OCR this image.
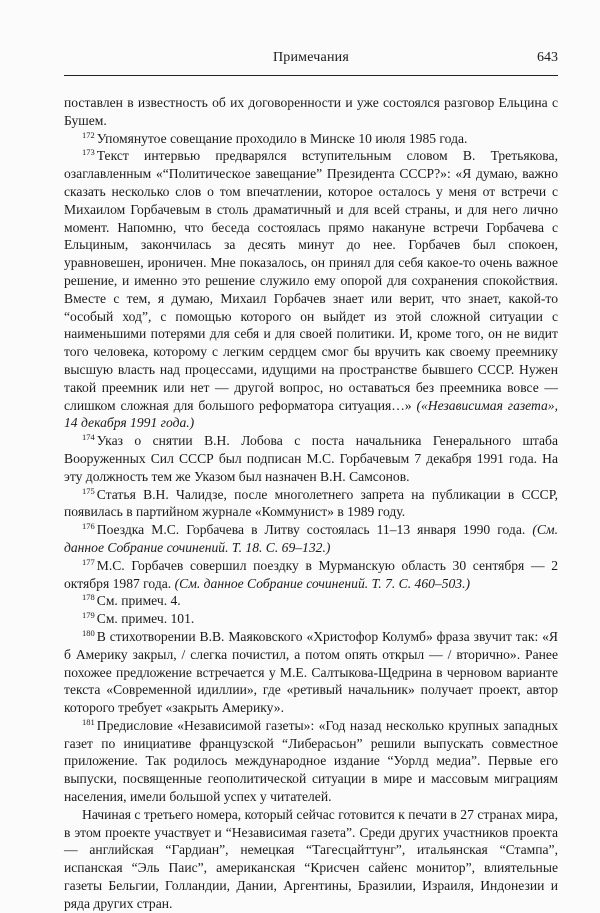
Примечания	643

поставлен в известность об их договоренности и уже состоялся разговор Ельцина с Бушем.

$^{172}$ Упомянутое совещание проходило в Минске 10 июля 1985 года.

$^{173}$ Текст интервью предварялся вступительным словом В. Третьякова, озаглавленным «“Политическое завещание” Президента СССР?»: «Я думаю, важно сказать несколько слов о том впечатлении, которое осталось у меня от встречи с Михаилом Горбачевым в столь драматичный и для всей страны, и для него лично момент. Напомню, что беседа состоялась прямо накануне встречи Горбачева с Ельциным, закончилась за десять минут до нее. Горбачев был спокоен, уравновешен, ироничен. Мне показалось, он принял для себя какое-то очень важное решение, и именно это решение служило ему опорой для сохранения спокойствия. Вместе с тем, я думаю, Михаил Горбачев знает или верит, что знает, какой-то “особый ход”, с помощью которого он выйдет из этой сложной ситуации с наименьшими потерями для себя и для своей политики. И, кроме того, он не видит того человека, которому с легким сердцем смог бы вручить как своему преемнику высшую власть над процессами, идущими на пространстве бывшего СССР. Нужен такой преемник или нет — другой вопрос, но оставаться без преемника вовсе — слишком сложная для большого реформатора ситуация…» («Независимая газета», 14 декабря 1991 года.)

$^{174}$ Указ о снятии В.Н. Лобова с поста начальника Генерального штаба Вооруженных Сил СССР был подписан М.С. Горбачевым 7 декабря 1991 года. На эту должность тем же Указом был назначен В.Н. Самсонов.

$^{175}$ Статья В.Н. Чалидзе, после многолетнего запрета на публикации в СССР, появилась в партийном журнале «Коммунист» в 1989 году.

$^{176}$ Поездка М.С. Горбачева в Литву состоялась 11–13 января 1990 года. (См. данное Собрание сочинений. Т. 18. С. 69–132.)

$^{177}$ М.С. Горбачев совершил поездку в Мурманскую область 30 сентября — 2 октября 1987 года. (См. данное Собрание сочинений. Т. 7. С. 460–503.)

$^{178}$ См. примеч. 4.

$^{179}$ См. примеч. 101.

$^{180}$ В стихотворении В.В. Маяковского «Христофор Колумб» фраза звучит так: «Я б Америку закрыл, / слегка почистил, а потом опять открыл — / вторично». Ранее похожее предложение встречается у М.Е. Салтыкова-Щедрина в черновом варианте текста «Современной идиллии», где «ретивый начальник» получает проект, автор которого требует «закрыть Америку».

$^{181}$ Предисловие «Независимой газеты»: «Год назад несколько крупных западных газет по инициативе французской “Либерасьон” решили выпускать совместное приложение. Так родилось международное издание “Уорлд медиа”. Первые его выпуски, посвященные геополитической ситуации в мире и массовым миграциям населения, имели большой успех у читателей.

Начиная с третьего номера, который сейчас готовится к печати в 27 странах мира, в этом проекте участвует и “Независимая газета”. Среди других участников проекта — английская “Гардиан”, немецкая “Тагесцайттунг”, итальянская “Стампа”, испанская “Эль Паис”, американская “Крисчен сайенс монитор”, влиятельные газеты Бельгии, Голландии, Дании, Аргентины, Бразилии, Израиля, Индонезии и ряда других стран.
